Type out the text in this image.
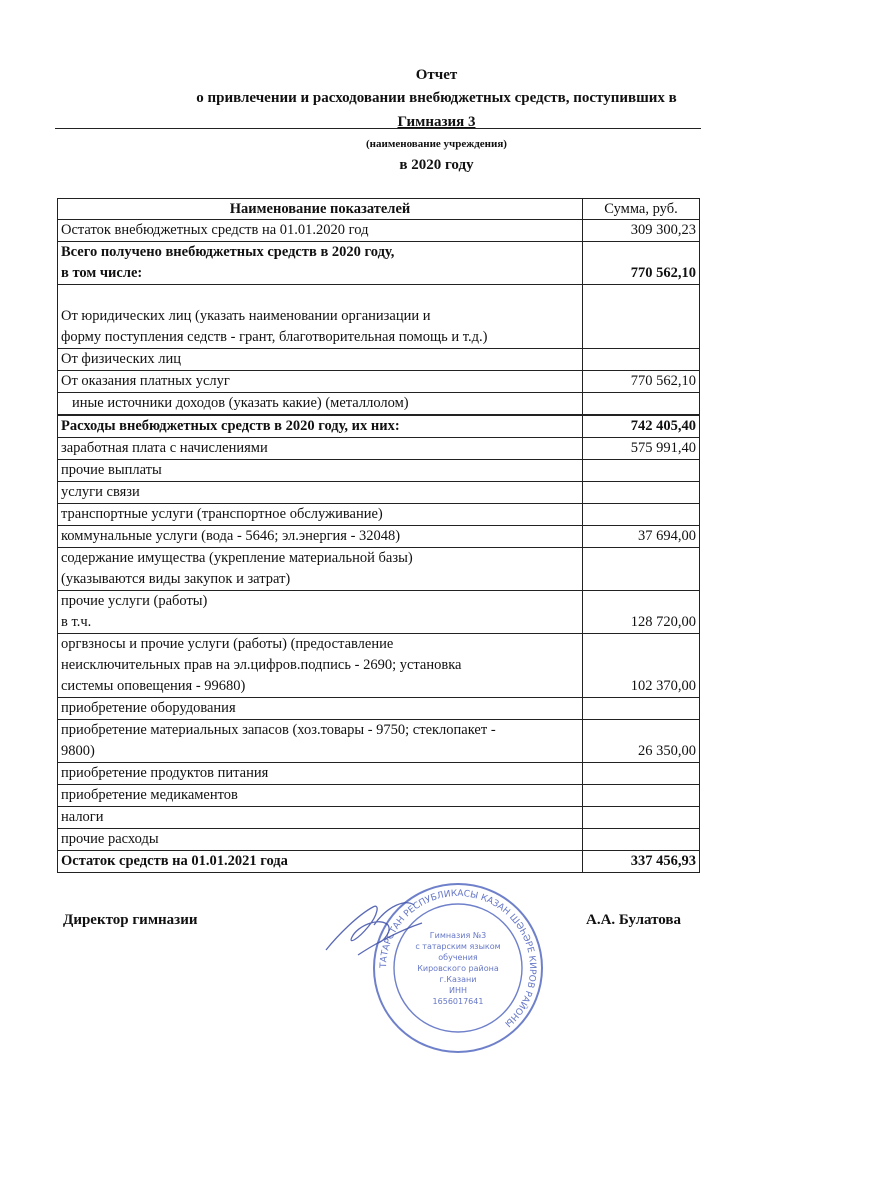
Отчет
о привлечении и расходовании внебюджетных средств, поступивших в
Гимназия 3
(наименование учреждения)
в 2020 году
Наименование показателей	Сумма, руб.
Остаток внебюджетных средств на 01.01.2020 год	309 300,23

Всего получено внебюджетных средств в 2020 году,
в том числе:	770 562,10

От юридических лиц (указать наименовании организации и
форму поступления седств - грант, благотворительная помощь и т.д.)	

От физических лиц	
От оказания платных услуг	770 562,10
иные источники доходов (указать какие) (металлолом)	

Расходы внебюджетных средств в 2020 году, их них:	742 405,40
заработная плата с начислениями	575 991,40
прочие выплаты	
услуги связи	
транспортные услуги (транспортное обслуживание)	
коммунальные услуги (вода - 5646; эл.энергия - 32048)	37 694,00

содержание имущества (укрепление материальной базы)
(указываются виды закупок и затрат)	

прочие услуги (работы)
в т.ч.	128 720,00

оргвзносы и прочие услуги (работы) (предоставление
неисключительных прав на эл.цифров.подпись - 2690; установка
системы оповещения - 99680)	102 370,00
приобретение оборудования	

приобретение материальных запасов (хоз.товары - 9750; стеклопакет -
9800)	26 350,00
приобретение продуктов питания	
приобретение медикаментов	
налоги	
прочие расходы	
Остаток средств на 01.01.2021 года	337 456,93
Директор гимназии	А.А. Булатова
ТАТАРСТАН РЕСПУБЛИКАСЫ КАЗАН ШӘҺӘРЕ КИРОВ РАЙОНЫ
Гимназия №3
с татарским языком
обучения
Кировского района
г.Казани
ИНН
1656017641
